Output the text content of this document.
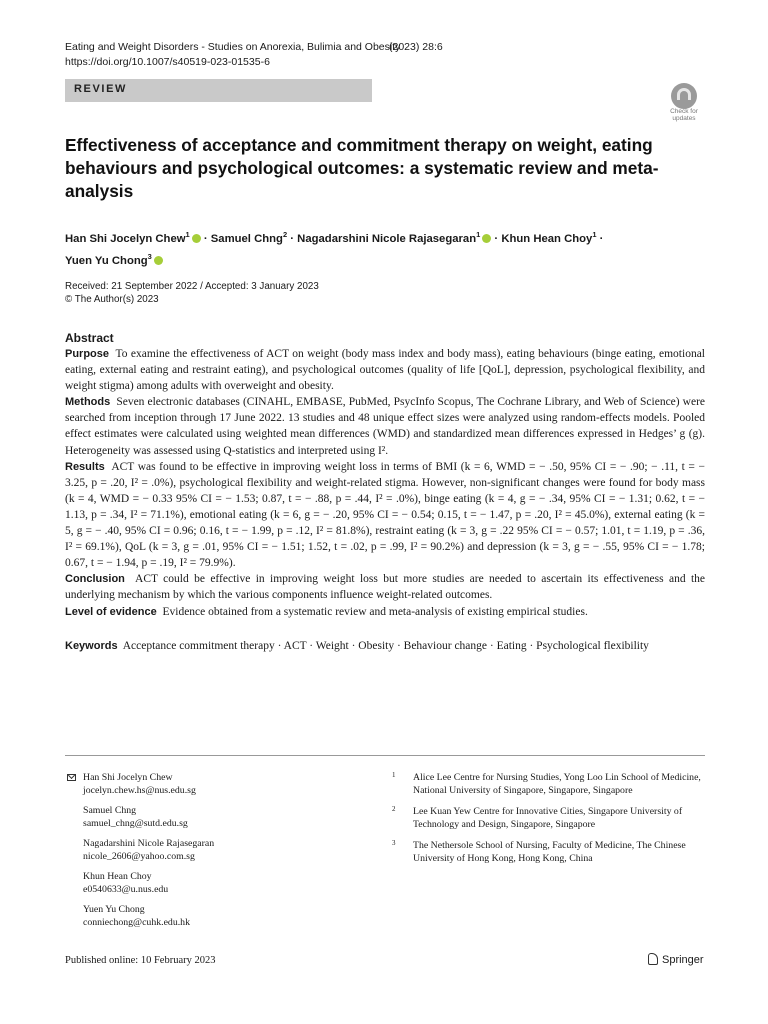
Eating and Weight Disorders - Studies on Anorexia, Bulimia and Obesity
(2023) 28:6
https://doi.org/10.1007/s40519-023-01535-6
REVIEW
Check for
updates
Effectiveness of acceptance and commitment therapy on weight, eating behaviours and psychological outcomes: a systematic review and meta-analysis
Han Shi Jocelyn Chew$^1$ · Samuel Chng$^2$ · Nagadarshini Nicole Rajasegaran$^1$ · Khun Hean Choy$^1$ ·
Yuen Yu Chong$^3$
Received: 21 September 2022 / Accepted: 3 January 2023
© The Author(s) 2023
Abstract

Purpose To examine the effectiveness of ACT on weight (body mass index and body mass), eating behaviours (binge eating, emotional eating, external eating and restraint eating), and psychological outcomes (quality of life [QoL], depression, psychological flexibility, and weight stigma) among adults with overweight and obesity.

Methods Seven electronic databases (CINAHL, EMBASE, PubMed, PsycInfo Scopus, The Cochrane Library, and Web of Science) were searched from inception through 17 June 2022. 13 studies and 48 unique effect sizes were analyzed using random-effects models. Pooled effect estimates were calculated using weighted mean differences (WMD) and standardized mean differences expressed in Hedges’ g (g). Heterogeneity was assessed using Q-statistics and interpreted using I².

Results ACT was found to be effective in improving weight loss in terms of BMI (k = 6, WMD = − .50, 95% CI = − .90; − .11, t = − 3.25, p = .20, I² = .0%), psychological flexibility and weight-related stigma. However, non-significant changes were found for body mass (k = 4, WMD = − 0.33 95% CI = − 1.53; 0.87, t = − .88, p = .44, I² = .0%), binge eating (k = 4, g = − .34, 95% CI = − 1.31; 0.62, t = − 1.13, p = .34, I² = 71.1%), emotional eating (k = 6, g = − .20, 95% CI = − 0.54; 0.15, t = − 1.47, p = .20, I² = 45.0%), external eating (k = 5, g = − .40, 95% CI = 0.96; 0.16, t = − 1.99, p = .12, I² = 81.8%), restraint eating (k = 3, g = .22 95% CI = − 0.57; 1.01, t = 1.19, p = .36, I² = 69.1%), QoL (k = 3, g = .01, 95% CI = − 1.51; 1.52, t = .02, p = .99, I² = 90.2%) and depression (k = 3, g = − .55, 95% CI = − 1.78; 0.67, t = − 1.94, p = .19, I² = 79.9%).

Conclusion ACT could be effective in improving weight loss but more studies are needed to ascertain its effectiveness and the underlying mechanism by which the various components influence weight-related outcomes.

Level of evidence Evidence obtained from a systematic review and meta-analysis of existing empirical studies.

Keywords Acceptance commitment therapy · ACT · Weight · Obesity · Behaviour change · Eating · Psychological flexibility
Han Shi Jocelyn Chew
jocelyn.chew.hs@nus.edu.sg
Samuel Chng
samuel_chng@sutd.edu.sg
Nagadarshini Nicole Rajasegaran
nicole_2606@yahoo.com.sg
Khun Hean Choy
e0540633@u.nus.edu
Yuen Yu Chong
conniechong@cuhk.edu.hk
1 Alice Lee Centre for Nursing Studies, Yong Loo Lin School of Medicine, National University of Singapore, Singapore, Singapore
2 Lee Kuan Yew Centre for Innovative Cities, Singapore University of Technology and Design, Singapore, Singapore
3 The Nethersole School of Nursing, Faculty of Medicine, The Chinese University of Hong Kong, Hong Kong, China
Published online: 10 February 2023	Springer
